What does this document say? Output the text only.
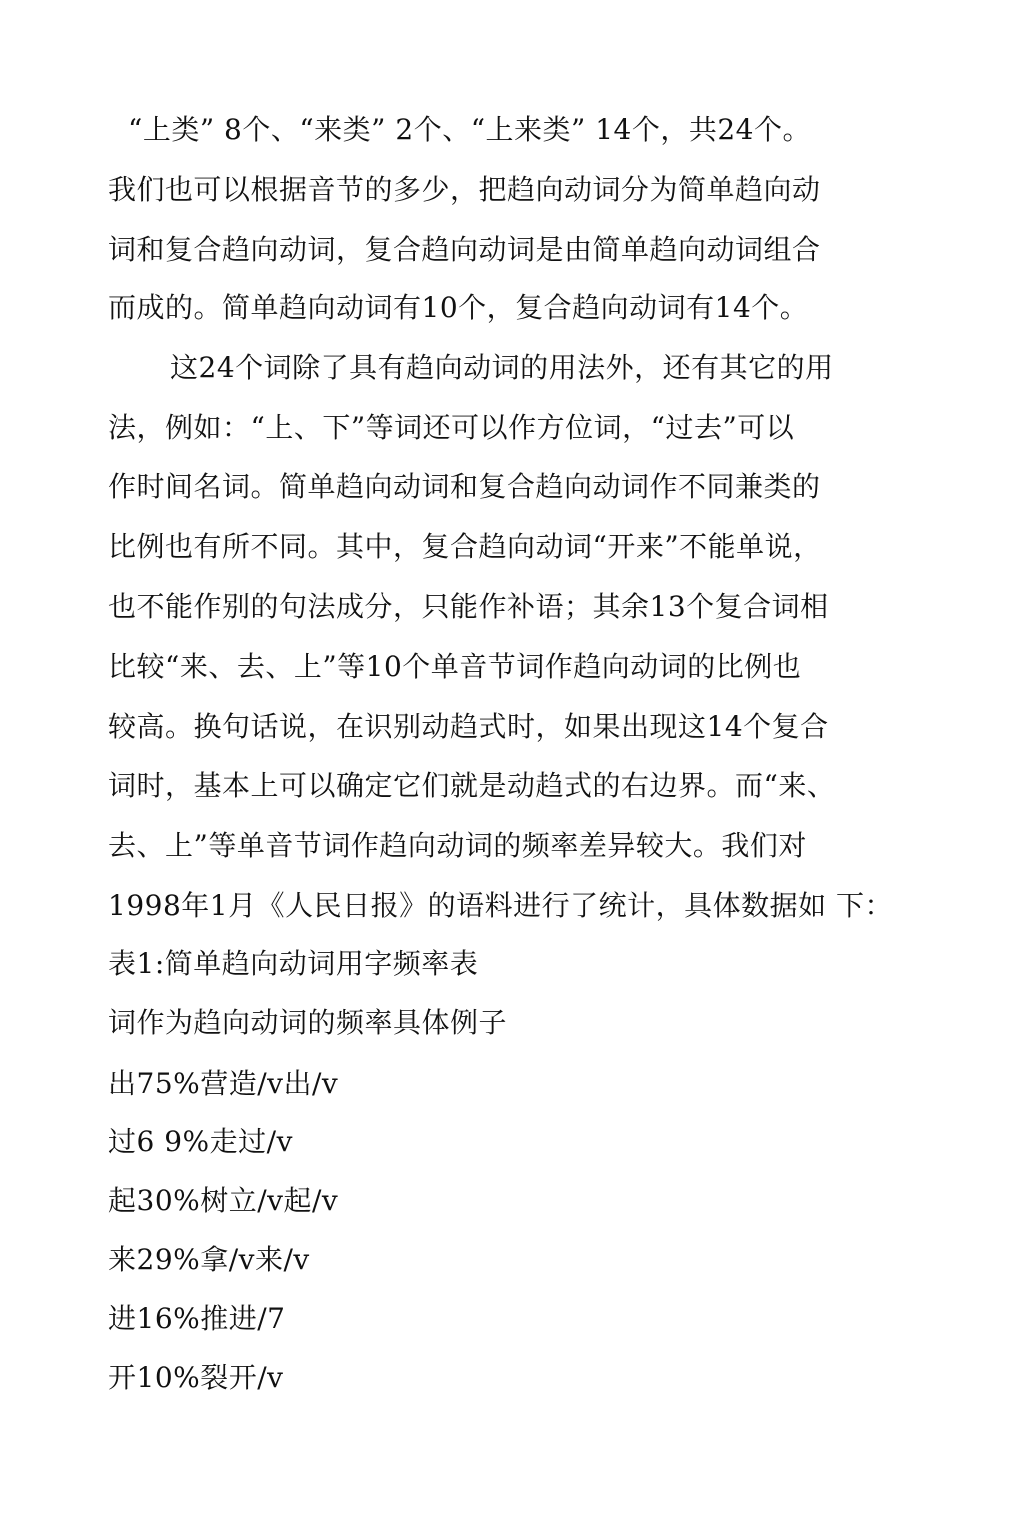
“上类” 8个、“来类” 2个、“上来类” 14个，共24个。
我们也可以根据音节的多少，把趋向动词分为简单趋向动
词和复合趋向动词，复合趋向动词是由简单趋向动词组合
而成的。简单趋向动词有10个，复合趋向动词有14个。
这24个词除了具有趋向动词的用法外，还有其它的用
法，例如：“上、下”等词还可以作方位词，“过去”可以
作时间名词。简单趋向动词和复合趋向动词作不同兼类的
比例也有所不同。其中，复合趋向动词“开来”不能单说，
也不能作别的句法成分，只能作补语；其余13个复合词相
比较“来、去、上”等10个单音节词作趋向动词的比例也
较高。换句话说，在识别动趋式时，如果出现这14个复合
词时，基本上可以确定它们就是动趋式的右边界。而“来、
去、上”等单音节词作趋向动词的频率差异较大。我们对
1998年1月《人民日报》的语料进行了统计，具体数据如 下：
表1:简单趋向动词用字频率表
词作为趋向动词的频率具体例子
出75%营造/v出/v
过6 9%走过/v
起30%树立/v起/v
来29%拿/v来/v
进16%推进/7
开10%裂开/v
